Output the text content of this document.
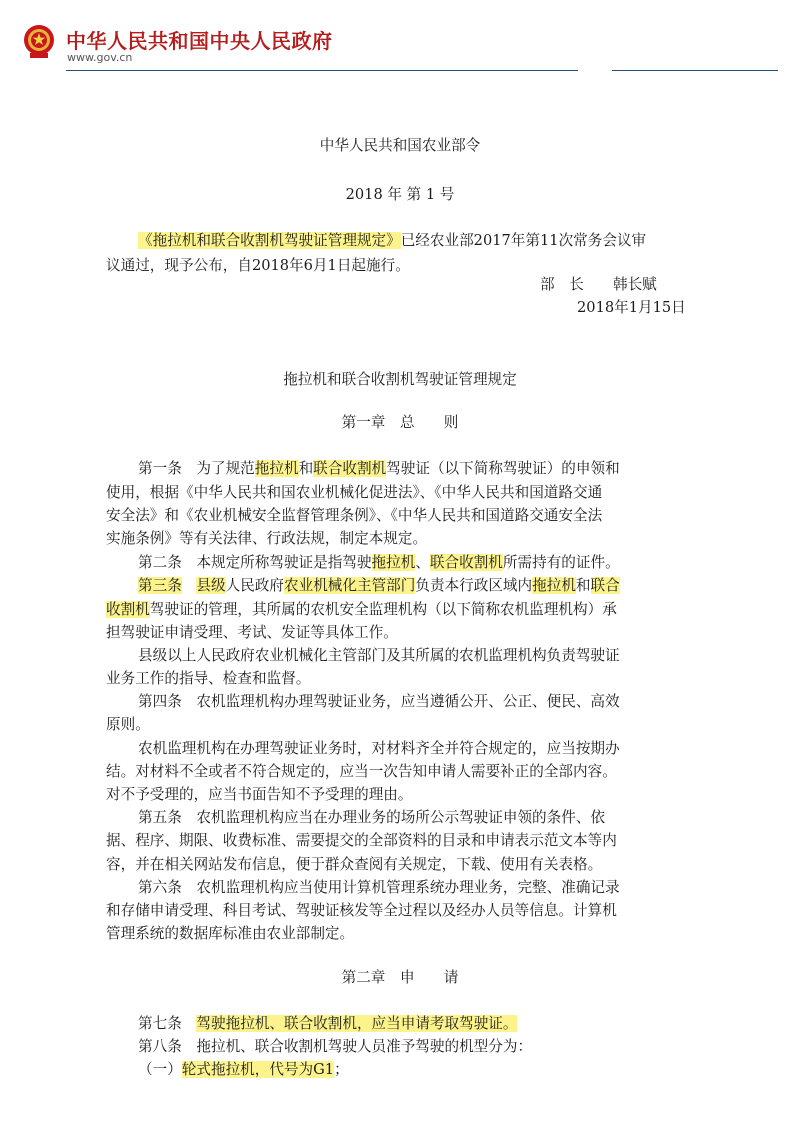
中华人民共和国中央人民政府
www.gov.cn
中华人民共和国农业部令
2018 年 第 1 号
《拖拉机和联合收割机驾驶证管理规定》已经农业部2017年第11次常务会议审
议通过，现予公布，自2018年6月1日起施行。
部　长　　韩长赋
2018年1月15日
拖拉机和联合收割机驾驶证管理规定
第一章　总　　则
第一条　为了规范拖拉机和联合收割机驾驶证（以下简称驾驶证）的申领和
使用，根据《中华人民共和国农业机械化促进法》、《中华人民共和国道路交通
安全法》和《农业机械安全监督管理条例》、《中华人民共和国道路交通安全法
实施条例》等有关法律、行政法规，制定本规定。
第二条　本规定所称驾驶证是指驾驶拖拉机、联合收割机所需持有的证件。
第三条　 县级人民政府农业机械化主管部门负责本行政区域内拖拉机和联合
收割机驾驶证的管理，其所属的农机安全监理机构（以下简称农机监理机构）承
担驾驶证申请受理、考试、发证等具体工作。
县级以上人民政府农业机械化主管部门及其所属的农机监理机构负责驾驶证
业务工作的指导、检查和监督。
第四条　农机监理机构办理驾驶证业务，应当遵循公开、公正、便民、高效
原则。
农机监理机构在办理驾驶证业务时，对材料齐全并符合规定的，应当按期办
结。对材料不全或者不符合规定的，应当一次告知申请人需要补正的全部内容。
对不予受理的，应当书面告知不予受理的理由。
第五条　农机监理机构应当在办理业务的场所公示驾驶证申领的条件、依
据、程序、期限、收费标准、需要提交的全部资料的目录和申请表示范文本等内
容，并在相关网站发布信息，便于群众查阅有关规定，下载、使用有关表格。
第六条　农机监理机构应当使用计算机管理系统办理业务，完整、准确记录
和存储申请受理、科目考试、驾驶证核发等全过程以及经办人员等信息。计算机
管理系统的数据库标准由农业部制定。
第二章　申　　请
第七条　 驾驶拖拉机、联合收割机，应当申请考取驾驶证。
第八条　拖拉机、联合收割机驾驶人员准予驾驶的机型分为：
（一）轮式拖拉机，代号为G1；
